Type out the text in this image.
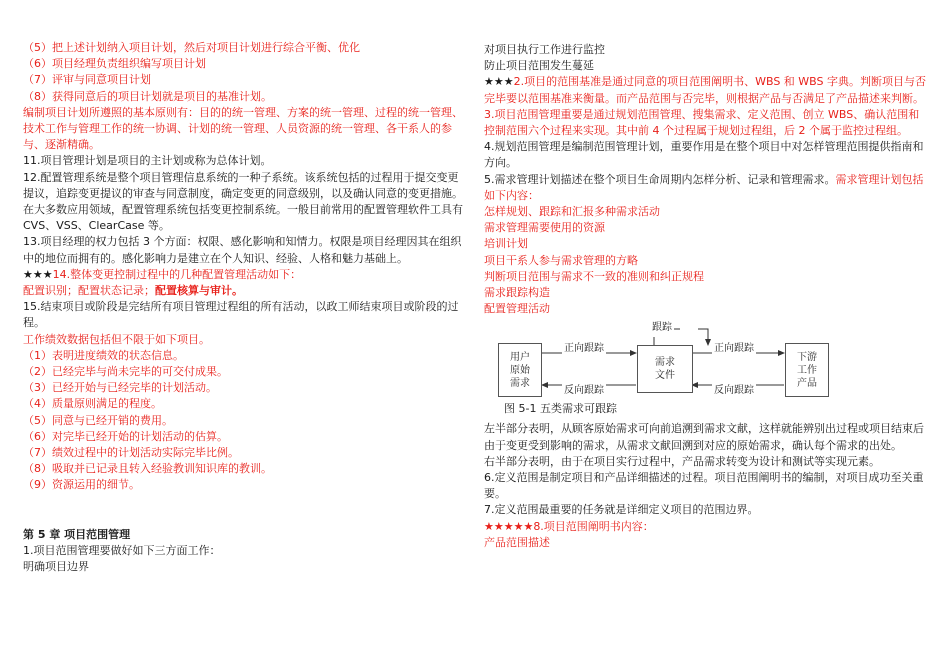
（5）把上述计划纳入项目计划，然后对项目计划进行综合平衡、优化
（6）项目经理负责组织编写项目计划
（7）评审与同意项目计划
（8）获得同意后的项目计划就是项目的基准计划。
编制项目计划所遵照的基本原则有：目的的统一管理、方案的统一管理、过程的统一管理、技术工作与管理工作的统一协调、计划的统一管理、人员资源的统一管理、各干系人的参与、逐渐精确。
11.项目管理计划是项目的主计划或称为总体计划。
12.配置管理系统是整个项目管理信息系统的一种子系统。该系统包括的过程用于提交变更提议，追踪变更提议的审查与同意制度，确定变更的同意级别，以及确认同意的变更措施。在大多数应用领域，配置管理系统包括变更控制系统。一般目前常用的配置管理软件工具有 CVS、VSS、ClearCase 等。
13.项目经理的权力包括 3 个方面：权限、感化影响和知情力。权限是项目经理因其在组织中的地位而拥有的。感化影响力是建立在个人知识、经验、人格和魅力基础上。
★★★14.整体变更控制过程中的几种配置管理活动如下：
配置识别；配置状态记录；配置核算与审计。
15.结束项目或阶段是完结所有项目管理过程组的所有活动，以政工师结束项目或阶段的过程。
工作绩效数据包括但不限于如下项目。
（1）表明进度绩效的状态信息。
（2）已经完毕与尚未完毕的可交付成果。
（3）已经开始与已经完毕的计划活动。
（4）质量原则满足的程度。
（5）同意与已经开销的费用。
（6）对完毕已经开始的计划活动的估算。
（7）绩效过程中的计划活动实际完毕比例。
（8）吸取并已记录且转入经验教训知识库的教训。
（9）资源运用的细节。
第 5 章 项目范围管理
1.项目范围管理要做好如下三方面工作：
明确项目边界
对项目执行工作进行监控
防止项目范围发生蔓延
★★★2.项目的范围基准是通过同意的项目范围阐明书、WBS 和 WBS 字典。判断项目与否完毕要以范围基准来衡量。而产品范围与否完毕，则根据产品与否满足了产品描述来判断。
3.项目范围管理重要是通过规划范围管理、搜集需求、定义范围、创立 WBS、确认范围和控制范围六个过程来实现。其中前 4 个过程属于规划过程组，后 2 个属于监控过程组。
4.规划范围管理是编制范围管理计划，重要作用是在整个项目中对怎样管理范围提供指南和方向。
5.需求管理计划描述在整个项目生命周期内怎样分析、记录和管理需求。需求管理计划包括如下内容：
怎样规划、跟踪和汇报多种需求活动
需求管理需要使用的资源
培训计划
项目干系人参与需求管理的方略
判断项目范围与需求不一致的准则和纠正规程
需求跟踪构造
配置管理活动
跟踪
用户
原始
需求
需求
文件
下游
工作
产品
正向跟踪	正向跟踪
反向跟踪	反向跟踪
图 5-1 五类需求可跟踪
左半部分表明，从顾客原始需求可向前追溯到需求文献，这样就能辨别出过程或项目结束后由于变更受到影响的需求，从需求文献回溯到对应的原始需求，确认每个需求的出处。
右半部分表明，由于在项目实行过程中，产品需求转变为设计和测试等实现元素。
6.定义范围是制定项目和产品详细描述的过程。项目范围阐明书的编制，对项目成功至关重要。
7.定义范围最重要的任务就是详细定义项目的范围边界。
★★★★★8.项目范围阐明书内容：
产品范围描述
